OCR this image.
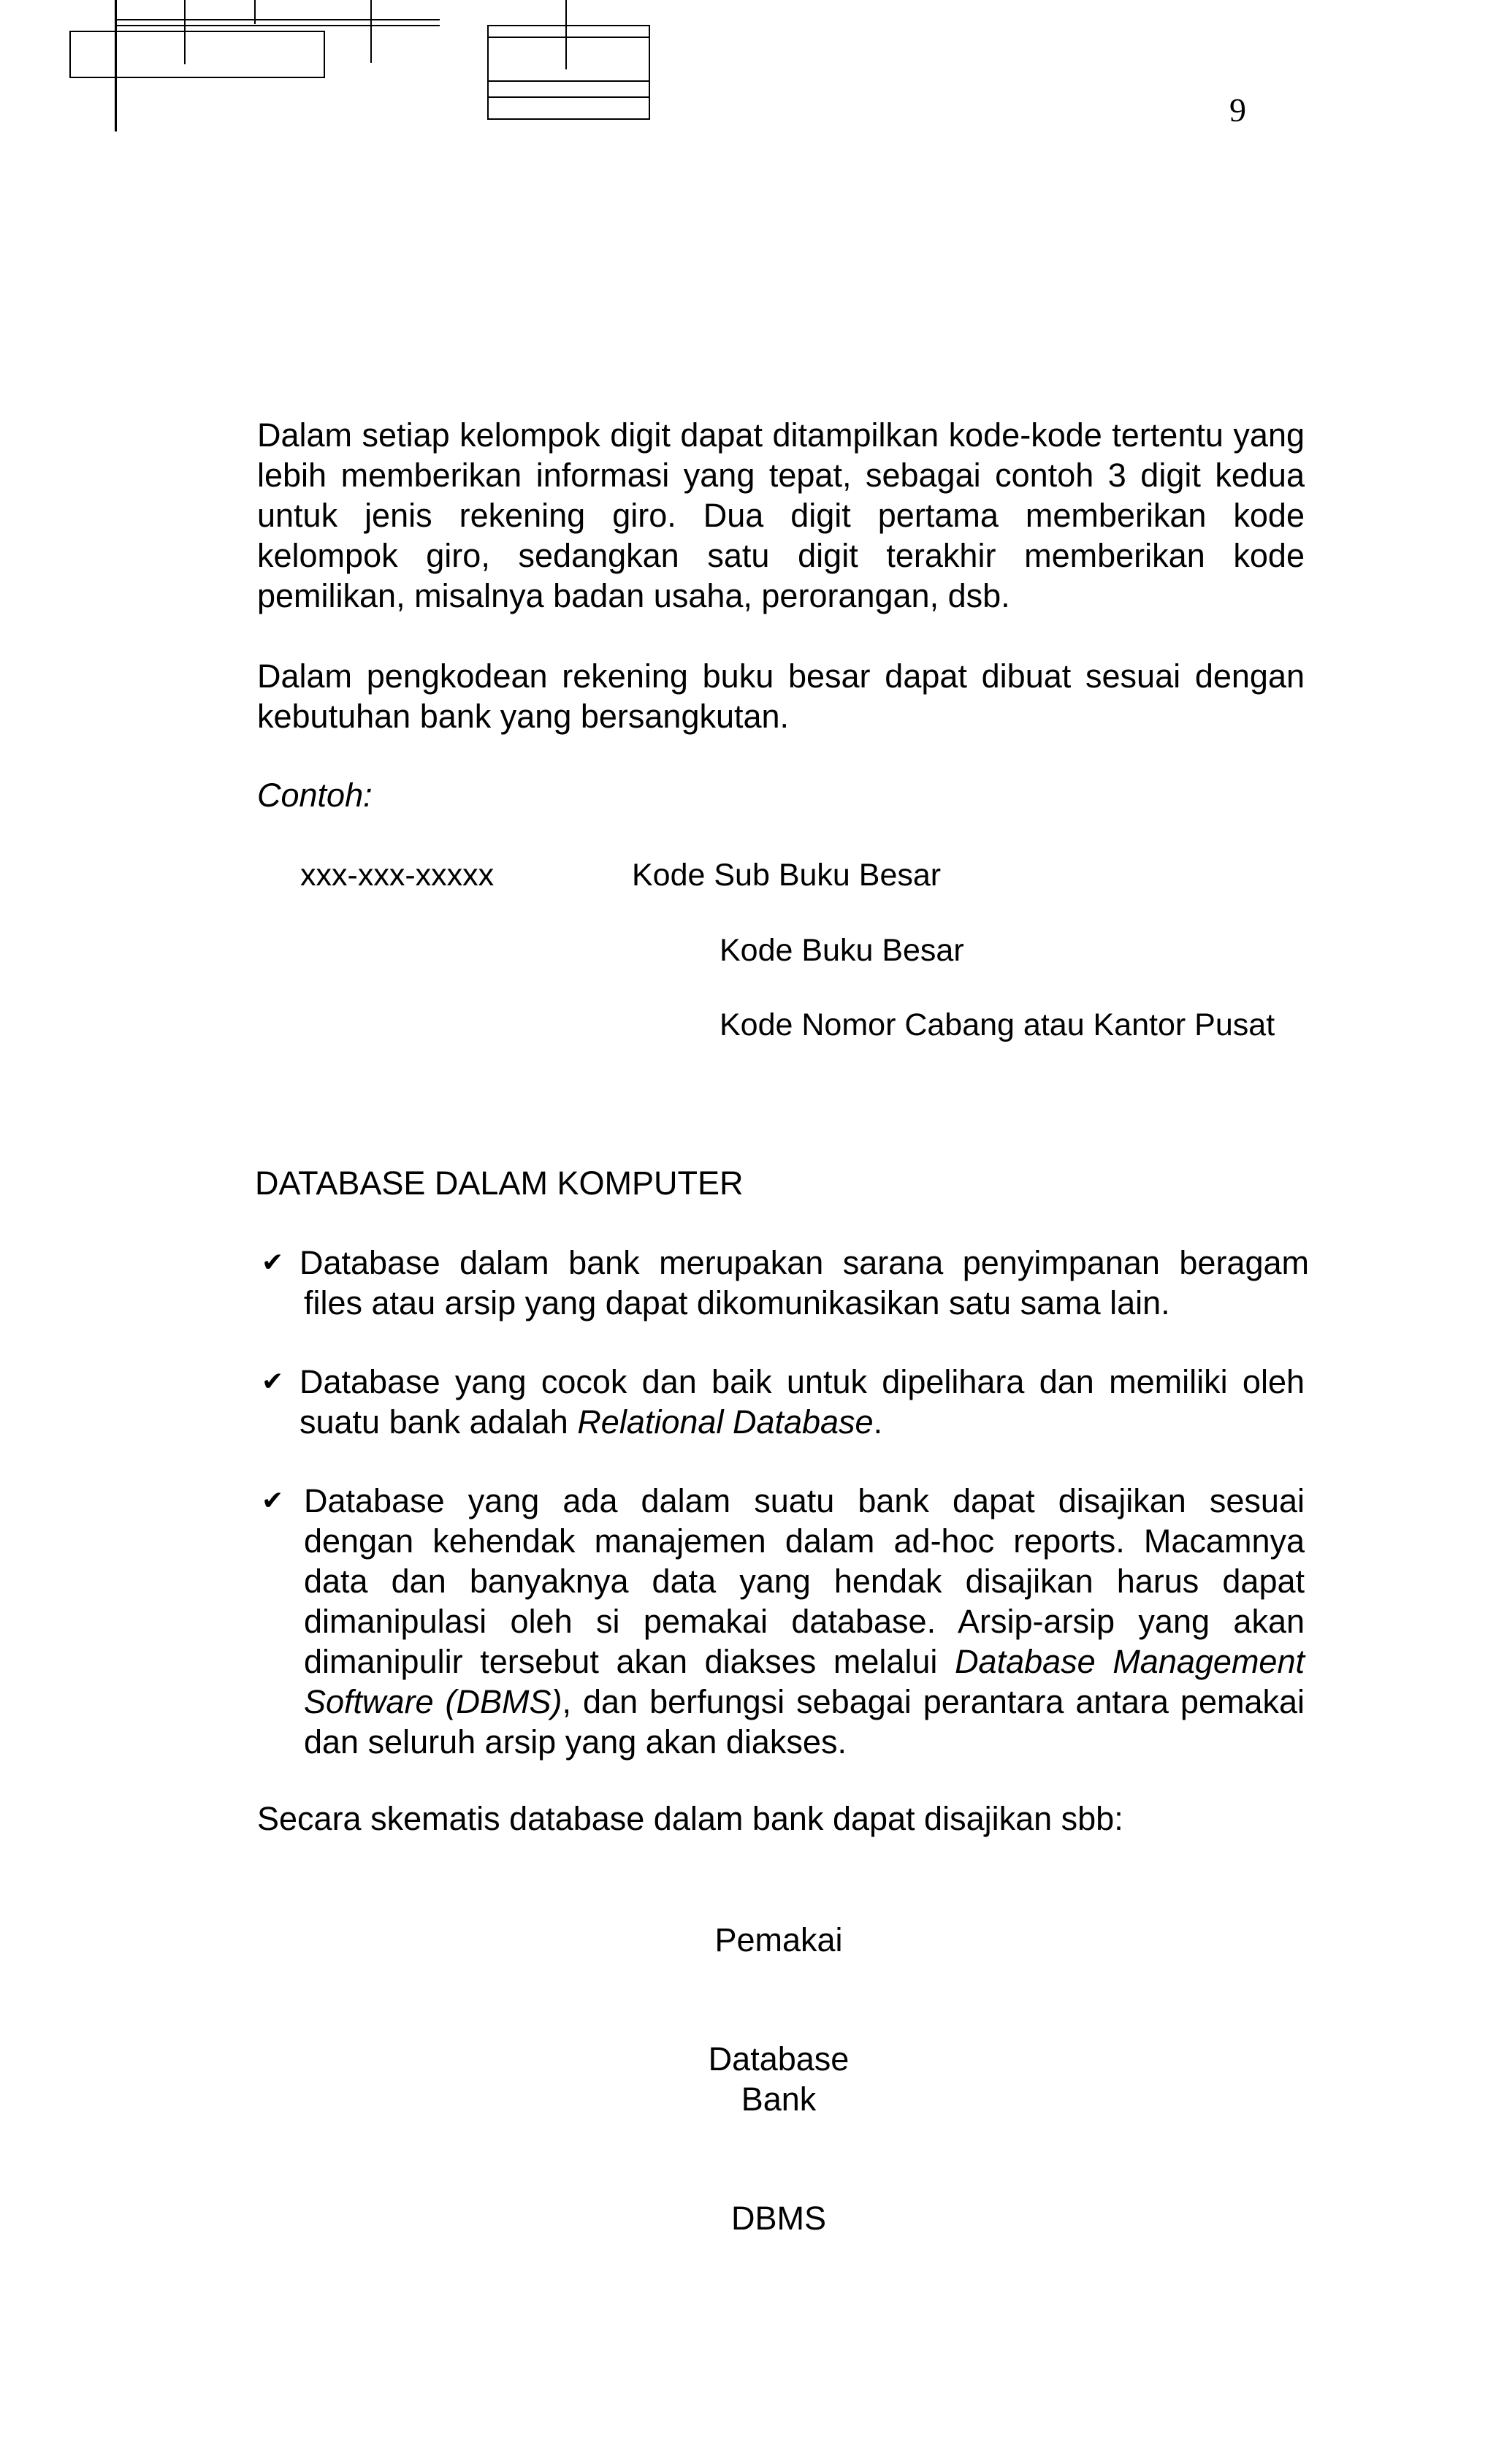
9
Dalam setiap kelompok digit dapat ditampilkan kode-kode tertentu yang lebih memberikan informasi yang tepat, sebagai contoh 3 digit kedua untuk jenis rekening giro. Dua digit pertama memberikan kode kelompok giro, sedangkan satu digit terakhir memberikan kode pemilikan, misalnya badan usaha, perorangan, dsb.
Dalam pengkodean rekening buku besar dapat dibuat sesuai dengan kebutuhan bank yang bersangkutan.
Contoh:
xxx-xxx-xxxxx	Kode Sub Buku Besar
Kode Buku Besar
Kode Nomor Cabang atau Kantor Pusat
DATABASE DALAM KOMPUTER
✔ Database dalam bank merupakan sarana penyimpanan beragam files atau arsip yang dapat dikomunikasikan satu sama lain.
✔ Database yang cocok dan baik untuk dipelihara dan memiliki oleh suatu bank adalah Relational Database.
✔ Database yang ada dalam suatu bank dapat disajikan sesuai dengan kehendak manajemen dalam ad-hoc reports. Macamnya data dan banyaknya data yang hendak disajikan harus dapat dimanipulasi oleh si pemakai database. Arsip-arsip yang akan dimanipulir tersebut akan diakses melalui Database Management Software (DBMS), dan berfungsi sebagai perantara antara pemakai dan seluruh arsip yang akan diakses.
Secara skematis database dalam bank dapat disajikan sbb:
Pemakai
Database
Bank
DBMS
